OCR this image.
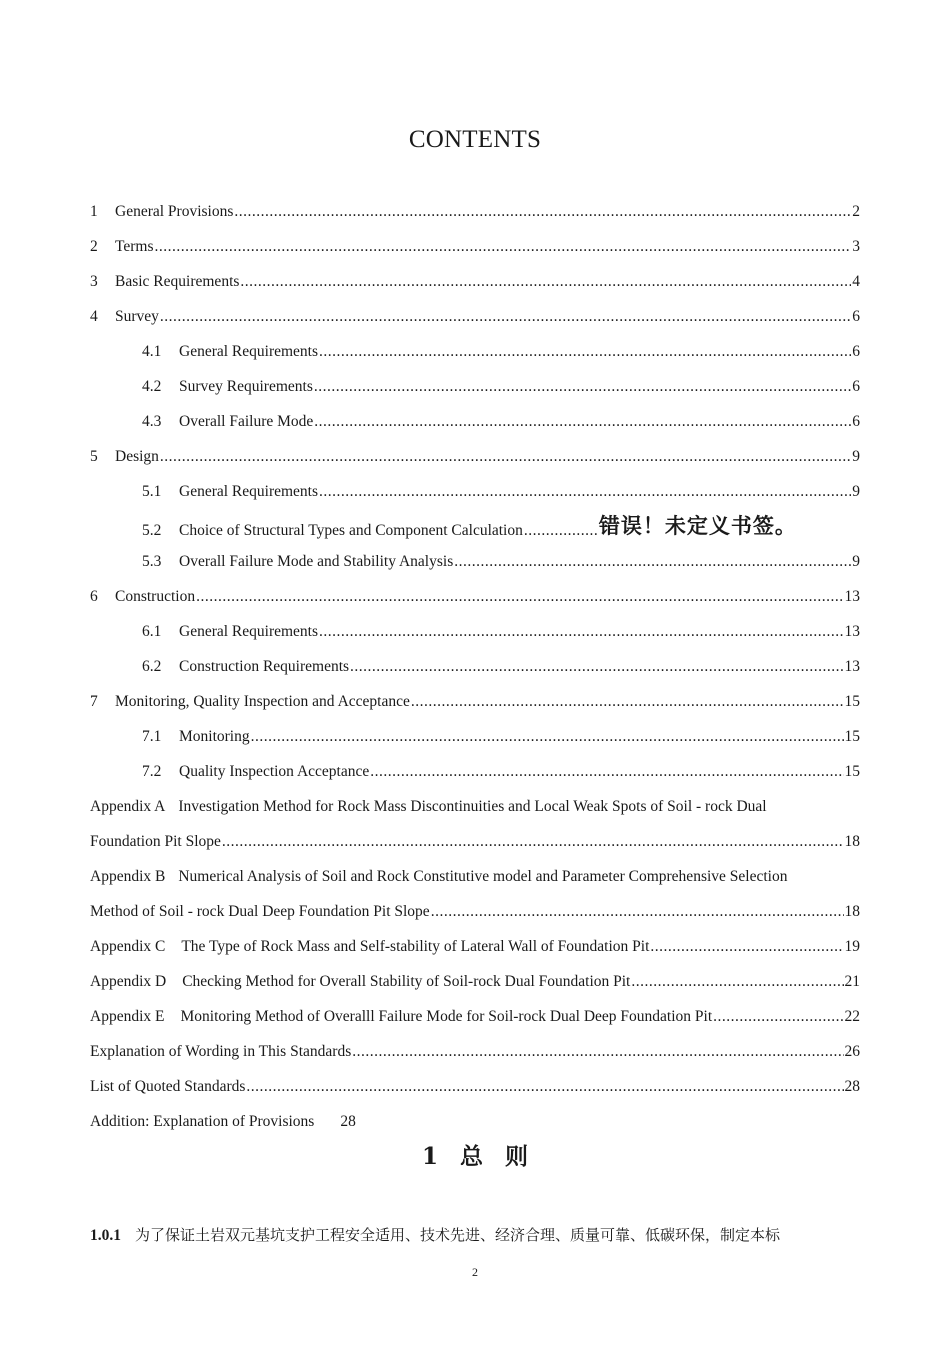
CONTENTS
1	General Provisions .....	2
2	Terms .....	3
3	Basic Requirements .....	4
4	Survey .....	6
4.1	General Requirements .....	6
4.2	Survey Requirements .....	6
4.3	Overall Failure Mode .....	6
5	Design .....	9
5.1	General Requirements .....	9
5.2	Choice of Structural Types and Component Calculation .....	错误！未定义书签。
5.3	Overall Failure Mode and Stability Analysis .....	9
6	Construction .....	13
6.1	General Requirements .....	13
6.2	Construction Requirements .....	13
7	Monitoring, Quality Inspection and Acceptance .....	15
7.1	Monitoring .....	15
7.2	Quality Inspection Acceptance .....	15
Appendix A Investigation Method for Rock Mass Discontinuities and Local Weak Spots of Soil - rock Dual
Foundation Pit Slope .....	18
Appendix B Numerical Analysis of Soil and Rock Constitutive model and Parameter Comprehensive Selection
Method of Soil - rock Dual Deep Foundation Pit Slope .....	18
Appendix C The Type of Rock Mass and Self-stability of Lateral Wall of Foundation Pit .....	19
Appendix D Checking Method for Overall Stability of Soil-rock Dual Foundation Pit .....	21
Appendix E Monitoring Method of Overalll Failure Mode for Soil-rock Dual Deep Foundation Pit .....	22
Explanation of Wording in This Standards .....	26
List of Quoted Standards .....	28
Addition: Explanation of Provisions 28
1 总 则
1.0.1 为了保证土岩双元基坑支护工程安全适用、技术先进、经济合理、质量可靠、低碳环保，制定本标
2
